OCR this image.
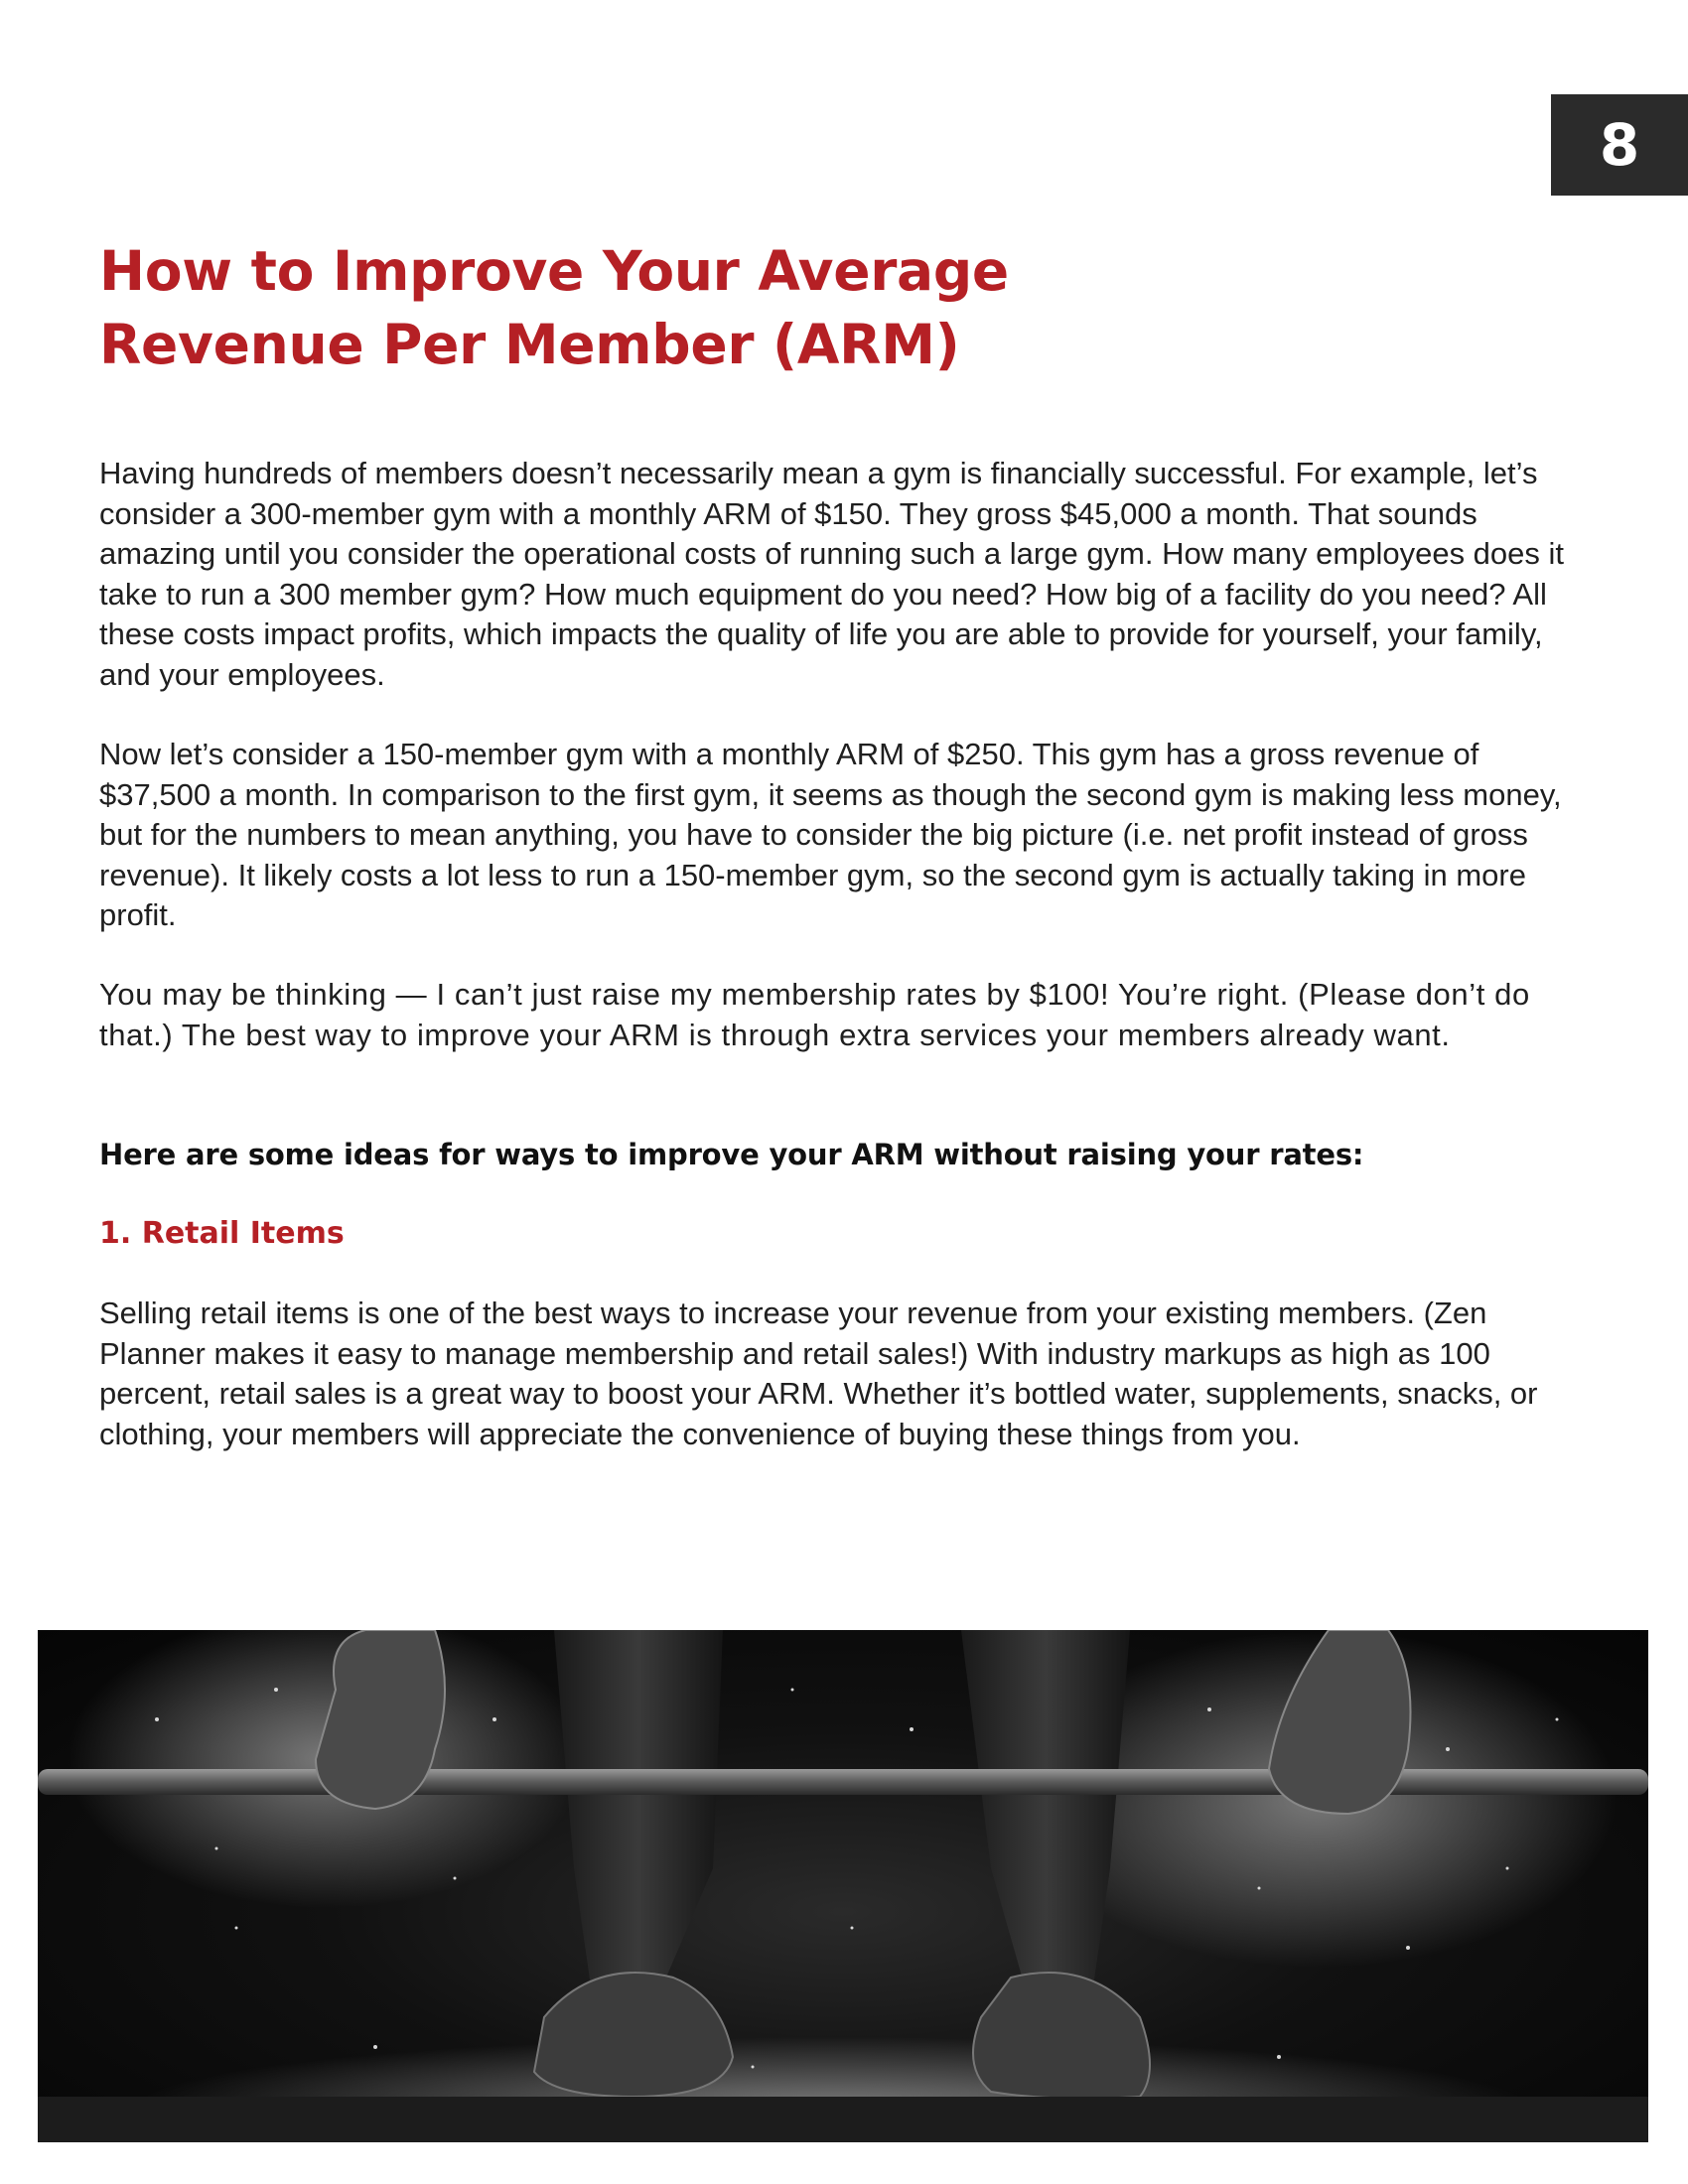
8
How to Improve Your Average
Revenue Per Member (ARM)

Having hundreds of members doesn’t necessarily mean a gym is financially successful. For example, let’s consider a 300-member gym with a monthly ARM of $150. They gross $45,000 a month. That sounds amazing until you consider the operational costs of running such a large gym. How many employees does it take to run a 300 member gym? How much equipment do you need? How big of a facility do you need? All these costs impact profits, which impacts the quality of life you are able to provide for yourself, your family, and your employees.

Now let’s consider a 150-member gym with a monthly ARM of $250. This gym has a gross revenue of $37,500 a month. In comparison to the first gym, it seems as though the second gym is making less money, but for the numbers to mean anything, you have to consider the big picture (i.e. net profit instead of gross revenue). It likely costs a lot less to run a 150-member gym, so the second gym is actually taking in more profit.

You may be thinking — I can’t just raise my membership rates by $100! You’re right. (Please don’t do that.) The best way to improve your ARM is through extra services your members already want.

Here are some ideas for ways to improve your ARM without raising your rates:

1. Retail Items

Selling retail items is one of the best ways to increase your revenue from your existing members. (Zen Planner makes it easy to manage membership and retail sales!) With industry markups as high as 100 percent, retail sales is a great way to boost your ARM. Whether it’s bottled water, supplements, snacks, or clothing, your members will appreciate the convenience of buying these things from you.
